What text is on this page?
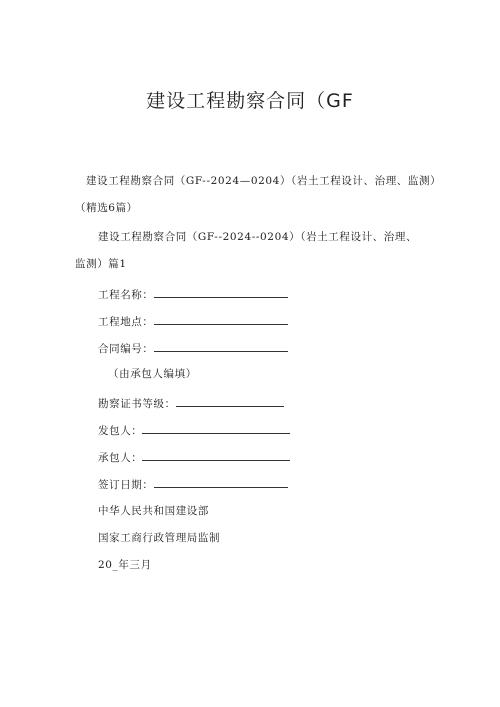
建设工程勘察合同（GF
建设工程勘察合同（GF--2024—0204）（岩土工程设计、治理、监测）
（精选6篇）
建设工程勘察合同（GF--2024--0204）（岩土工程设计、治理、
监测）篇1
工程名称：
工程地点：
合同编号：
（由承包人编填）
勘察证书等级：
发包人：
承包人：
签订日期：
中华人民共和国建设部
国家工商行政管理局监制
20_年三月
